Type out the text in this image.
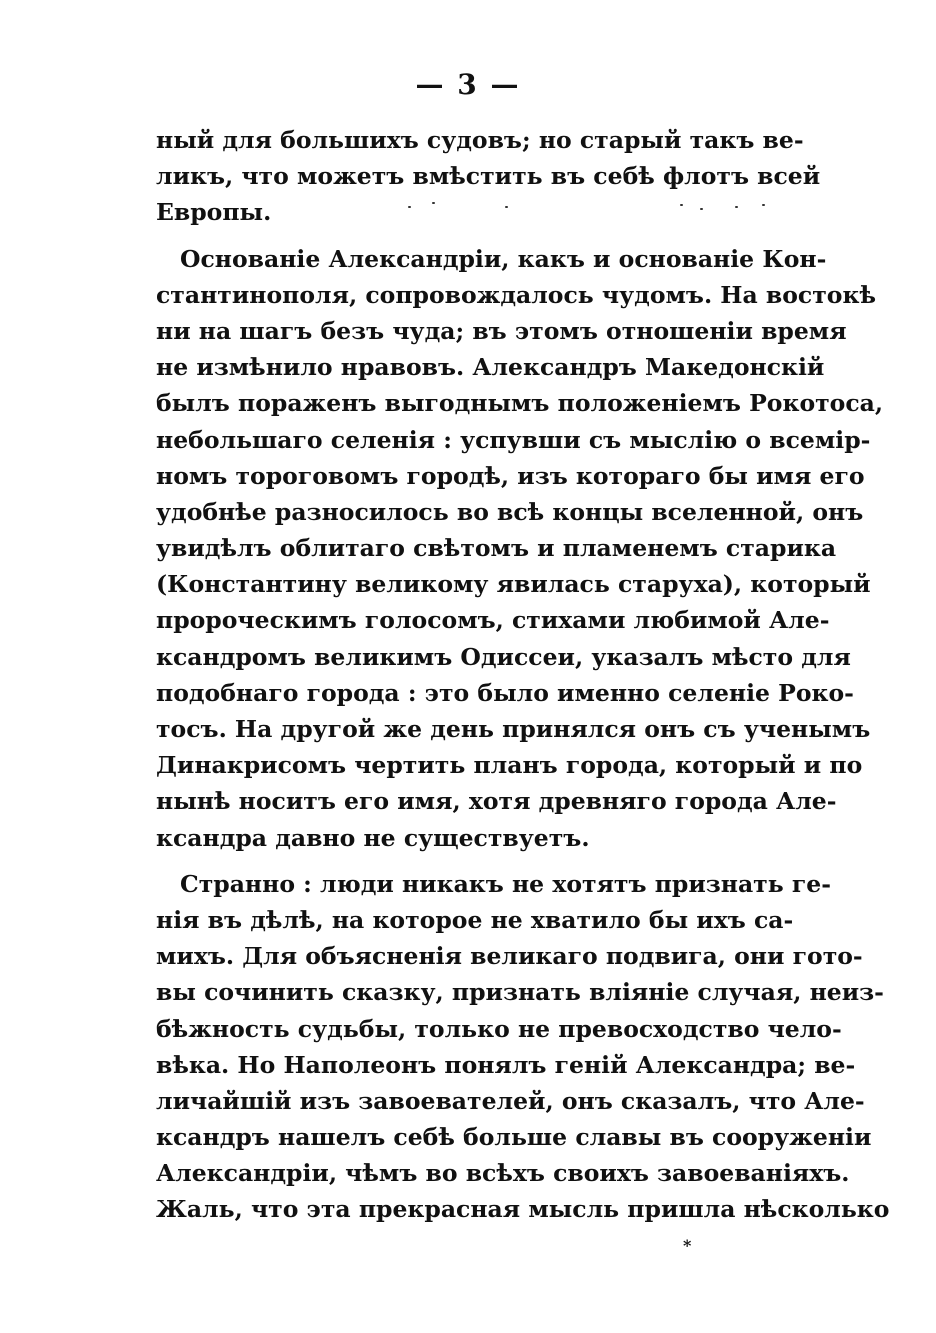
— 3 —
ный для большихъ судовъ; но старый такъ ве-
ликъ, что можетъ вмѣстить въ себѣ флотъ всей
Европы.
Основаніе Александріи, какъ и основаніе Кон-
стантинополя, сопровождалось чудомъ. На востокѣ
ни на шагъ безъ чуда; въ этомъ отношеніи время
не измѣнило нравовъ. Александръ Македонскій
былъ пораженъ выгоднымъ положеніемъ Рокотоса,
небольшаго селенія : успувши съ мыслію о всемір-
номъ тороговомъ городѣ, изъ котораго бы имя его
удобнѣе разносилось во всѣ концы вселенной, онъ
увидѣлъ облитаго свѣтомъ и пламенемъ старика
(Константину великому явилась старуха), который
пророческимъ голосомъ, стихами любимой Але-
ксандромъ великимъ Одиссеи, указалъ мѣсто для
подобнаго города : это было именно селеніе Роко-
тосъ. На другой же день принялся онъ съ ученымъ
Динакрисомъ чертить планъ города, который и по
нынѣ носитъ его имя, хотя древняго города Але-
ксандра давно не существуетъ.
Странно : люди никакъ не хотятъ признать ге-
нія въ дѣлѣ, на которое не хватило бы ихъ са-
михъ. Для объясненія великаго подвига, они гото-
вы сочинить сказку, признать вліяніе случая, неиз-
бѣжность судьбы, только не превосходство чело-
вѣка. Но Наполеонъ понялъ геній Александра; ве-
личайшій изъ завоевателей, онъ сказалъ, что Але-
ксандръ нашелъ себѣ больше славы въ сооруженіи
Александріи, чѣмъ во всѣхъ своихъ завоеваніяхъ.
Жаль, что эта прекрасная мысль пришла нѣсколько
*
